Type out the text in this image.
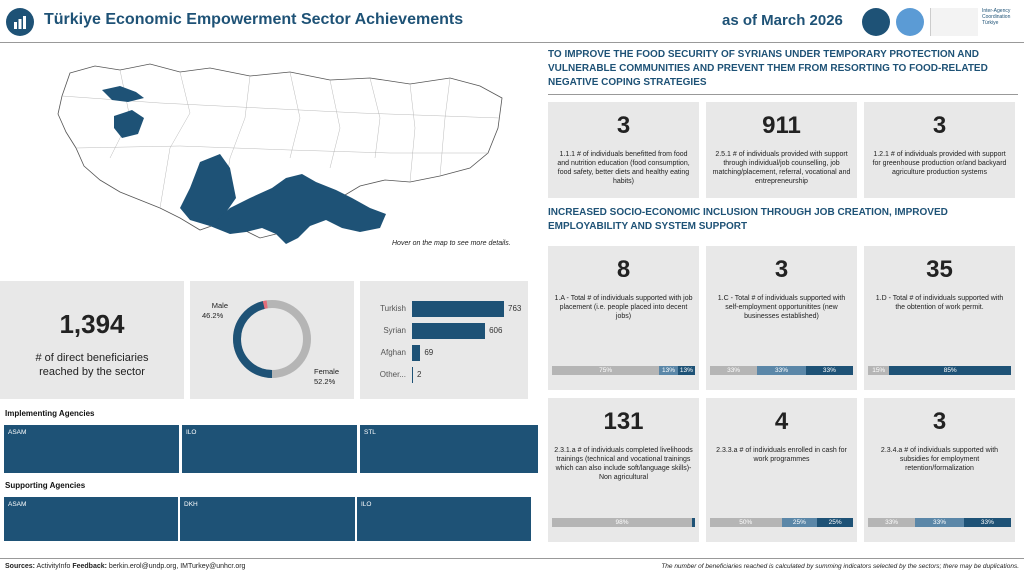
Türkiye Economic Empowerment Sector Achievements	as of March 2026
Inter-Agency Coordination Türkiye
Hover on the map to see more details.
1,394
# of direct beneficiaries reached by the sector
Male
46.2%
Female
52.2%
Turkish	763
Syrian	606
Afghan 69
Other... 2
Implementing Agencies
ASAM	ILO	STL
Supporting Agencies
ASAM	DKH	ILO
TO IMPROVE THE FOOD SECURITY OF SYRIANS UNDER TEMPORARY PROTECTION AND VULNERABLE COMMUNITIES AND PREVENT THEM FROM RESORTING TO FOOD-RELATED NEGATIVE COPING STRATEGIES
3
1.1.1 # of individuals benefitted from food and nutrition education (food consumption, food safety, better diets and healthy eating habits)
911
2.5.1 # of individuals provided with support through individual/job counselling, job matching/placement, referral, vocational and entrepreneurship
3
1.2.1 # of individuals provided with support for greenhouse production or/and backyard agriculture production systems
8
1.A - Total # of individuals supported with job placement (i.e. people placed into decent jobs)
75%	13% 13%
3
1.C - Total # of individuals supported with self-employment opportunitites (new businesses established)
33%	33%	33%
35
1.D - Total # of individuals supported with the obtention of work permit.
15%	85%
131
2.3.1.a # of individuals completed livelihoods trainings (technical and vocational trainings which can also include soft/language skills)- Non agricultural
98%
4
2.3.3.a # of individuals enrolled in cash for work programmes
50%	25%	25%
3
2.3.4.a # of individuals supported with subsidies for employment retention/formalization
33%	33%	33%
INCREASED SOCIO-ECONOMIC INCLUSION THROUGH JOB CREATION, IMPROVED EMPLOYABILITY AND SYSTEM SUPPORT
Sources: ActivityInfo Feedback: berkin.erol@undp.org, IMTurkey@unhcr.org	The number of beneficiaries reached is calculated by summing indicators selected by the sectors; there may be duplications.
